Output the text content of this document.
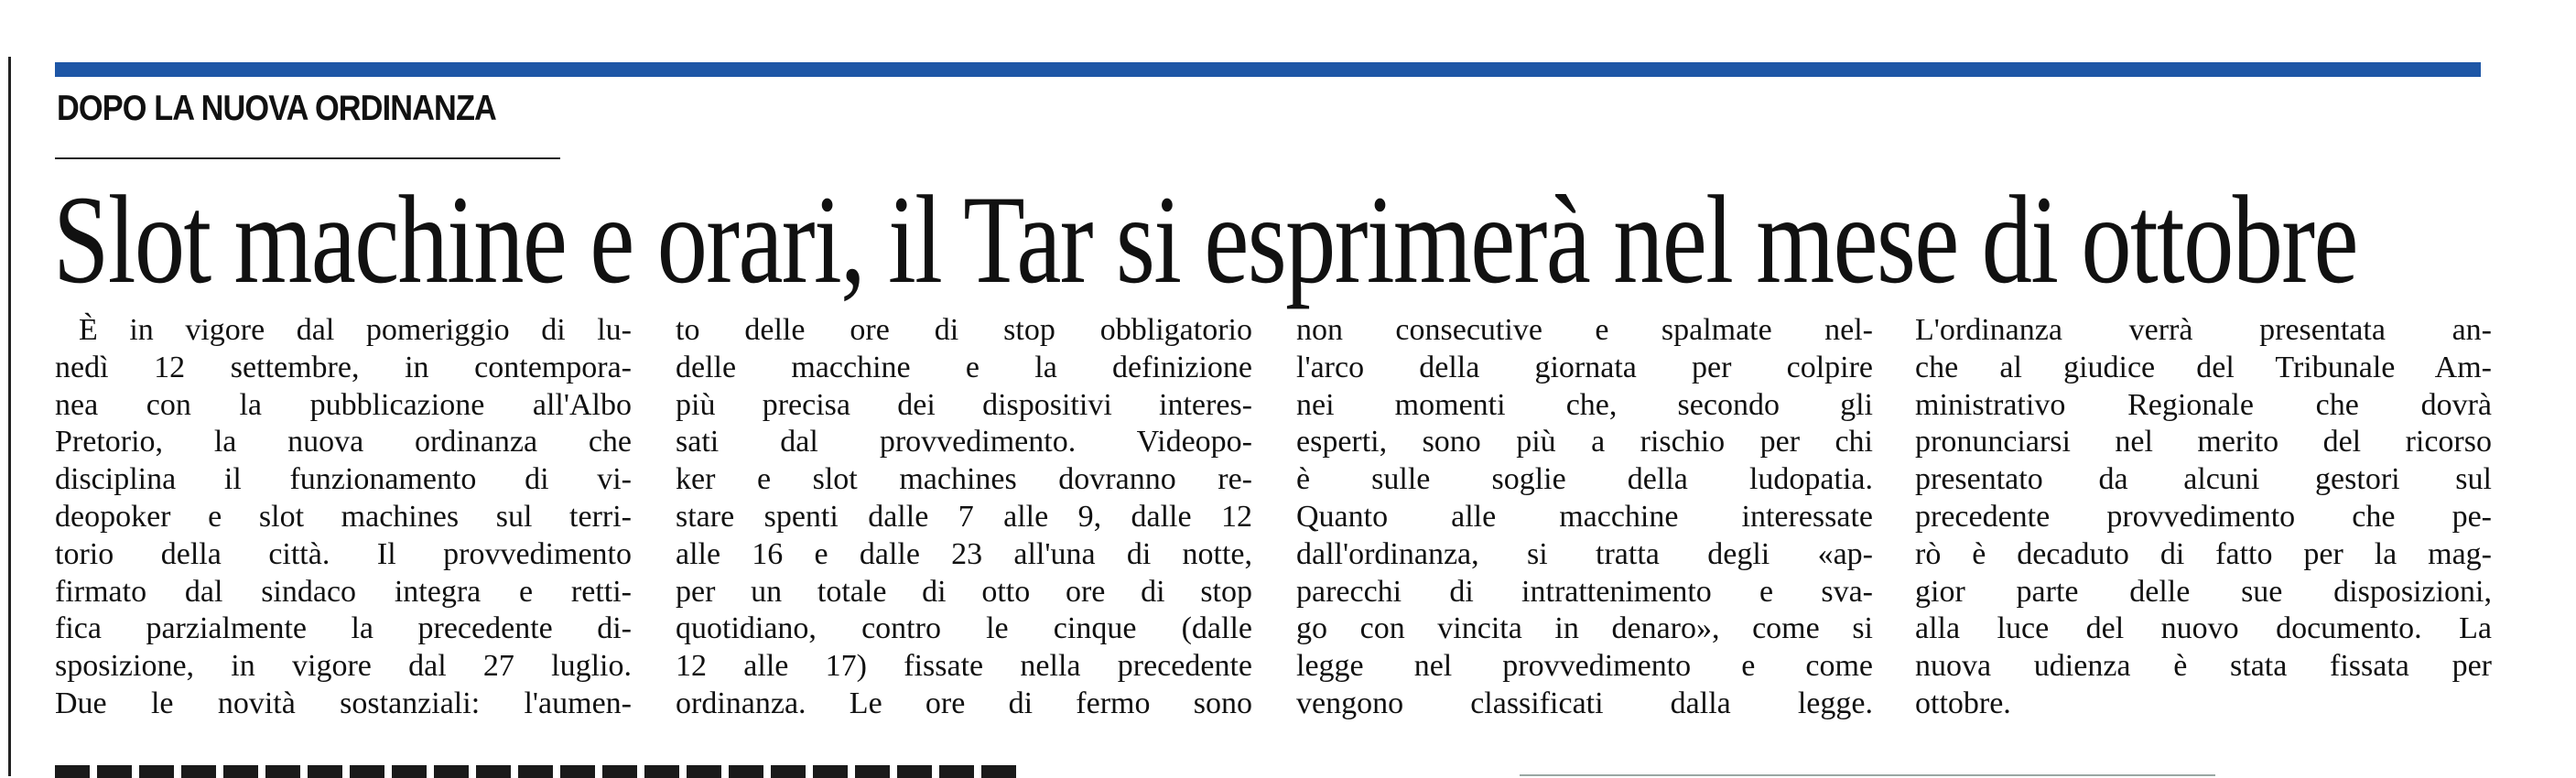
DOPO LA NUOVA ORDINANZA
Slot machine e orari, il Tar si esprimerà nel mese di ottobre
È in vigore dal pomeriggio di lu-
nedì 12 settembre, in contempora-
nea con la pubblicazione all'Albo
Pretorio, la nuova ordinanza che
disciplina il funzionamento di vi-
deopoker e slot machines sul terri-
torio della città. Il provvedimento
firmato dal sindaco integra e retti-
fica parzialmente la precedente di-
sposizione, in vigore dal 27 luglio.
Due le novità sostanziali: l'aumen-
to delle ore di stop obbligatorio
delle macchine e la definizione
più precisa dei dispositivi interes-
sati dal provvedimento. Videopo-
ker e slot machines dovranno re-
stare spenti dalle 7 alle 9, dalle 12
alle 16 e dalle 23 all'una di notte,
per un totale di otto ore di stop
quotidiano, contro le cinque (dalle
12 alle 17) fissate nella precedente
ordinanza. Le ore di fermo sono
non consecutive e spalmate nel-
l'arco della giornata per colpire
nei momenti che, secondo gli
esperti, sono più a rischio per chi
è sulle soglie della ludopatia.
Quanto alle macchine interessate
dall'ordinanza, si tratta degli «ap-
parecchi di intrattenimento e sva-
go con vincita in denaro», come si
legge nel provvedimento e come
vengono classificati dalla legge.
L'ordinanza verrà presentata an-
che al giudice del Tribunale Am-
ministrativo Regionale che dovrà
pronunciarsi nel merito del ricorso
presentato da alcuni gestori sul
precedente provvedimento che pe-
rò è decaduto di fatto per la mag-
gior parte delle sue disposizioni,
alla luce del nuovo documento. La
nuova udienza è stata fissata per
ottobre.
